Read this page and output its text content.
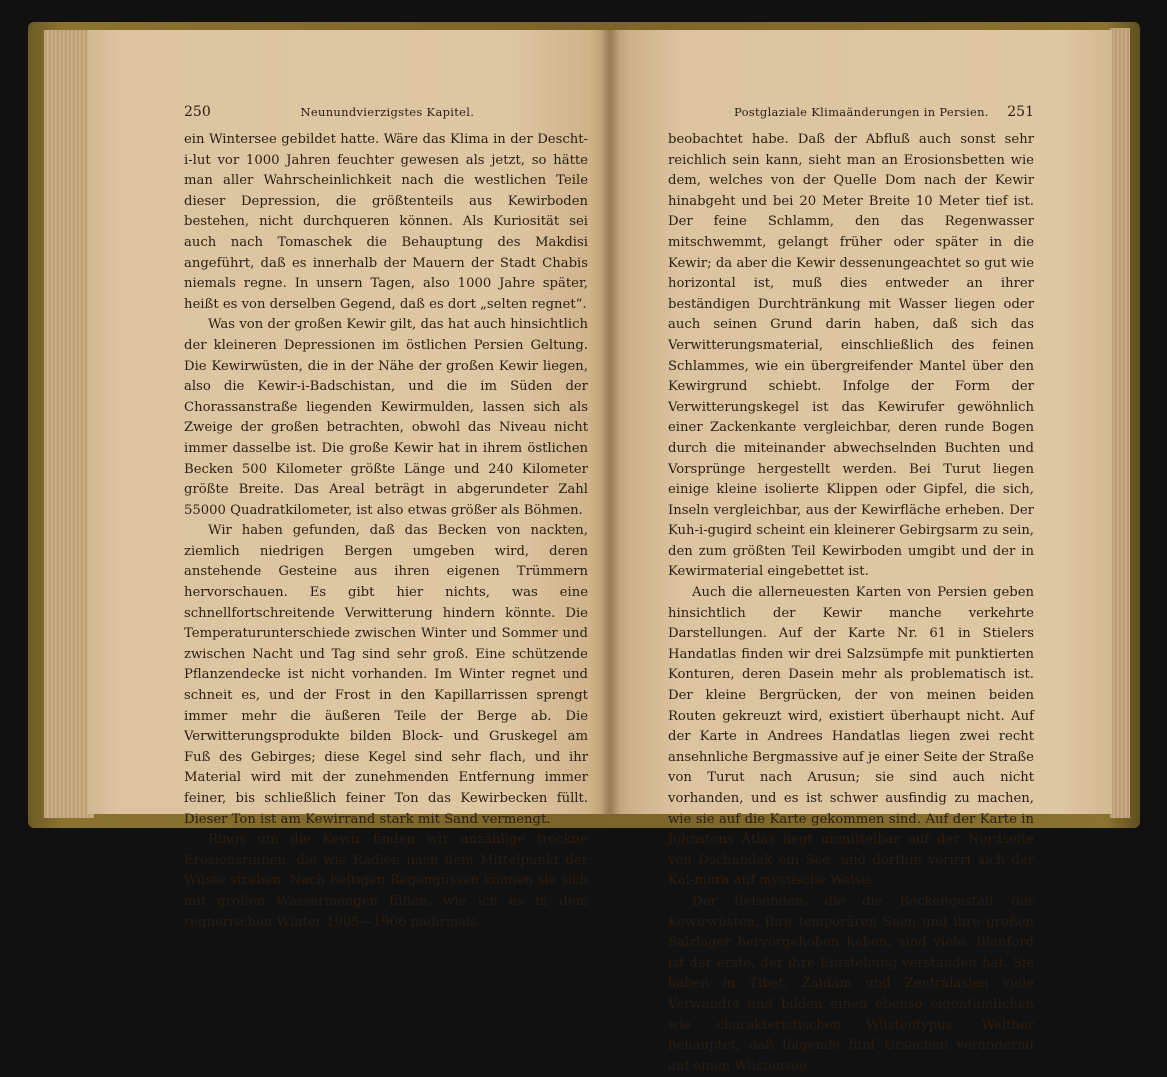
250	Neunundvierzigstes Kapitel.

ein Wintersee gebildet hatte. Wäre das Klima in der Descht-i-lut vor 1000 Jahren feuchter gewesen als jetzt, so hätte man aller Wahrscheinlichkeit nach die westlichen Teile dieser Depression, die größtenteils aus Kewirboden bestehen, nicht durchqueren können. Als Kuriosität sei auch nach Tomaschek die Behauptung des Makdisi angeführt, daß es innerhalb der Mauern der Stadt Chabis niemals regne. In unsern Tagen, also 1000 Jahre später, heißt es von derselben Gegend, daß es dort „selten regnet“.

Was von der großen Kewir gilt, das hat auch hinsichtlich der kleineren Depressionen im östlichen Persien Geltung. Die Kewirwüsten, die in der Nähe der großen Kewir liegen, also die Kewir-i-Badschistan, und die im Süden der Chorassanstraße liegenden Kewirmulden, lassen sich als Zweige der großen betrachten, obwohl das Niveau nicht immer dasselbe ist. Die große Kewir hat in ihrem östlichen Becken 500 Kilometer größte Länge und 240 Kilometer größte Breite. Das Areal beträgt in abgerundeter Zahl 55000 Quadratkilometer, ist also etwas größer als Böhmen.

Wir haben gefunden, daß das Becken von nackten, ziemlich niedrigen Bergen umgeben wird, deren anstehende Gesteine aus ihren eigenen Trümmern hervorschauen. Es gibt hier nichts, was eine schnellfortschreitende Verwitterung hindern könnte. Die Temperaturunterschiede zwischen Winter und Sommer und zwischen Nacht und Tag sind sehr groß. Eine schützende Pflanzendecke ist nicht vorhanden. Im Winter regnet und schneit es, und der Frost in den Kapillarrissen sprengt immer mehr die äußeren Teile der Berge ab. Die Verwitterungsprodukte bilden Block- und Gruskegel am Fuß des Gebirges; diese Kegel sind sehr flach, und ihr Material wird mit der zunehmenden Entfernung immer feiner, bis schließlich feiner Ton das Kewirbecken füllt. Dieser Ton ist am Kewirrand stark mit Sand vermengt.

Rings um die Kewir finden wir unzählige trockne Erosionsrinnen, die wie Radien nach dem Mittelpunkt der Wüste streben. Nach heftigen Regengüssen können sie sich mit großen Wassermengen füllen, wie ich es in dem regnerischen Winter 1905—1906 mehrmals

Postglaziale Klimaänderungen in Persien. 251

beobachtet habe. Daß der Abfluß auch sonst sehr reichlich sein kann, sieht man an Erosionsbetten wie dem, welches von der Quelle Dom nach der Kewir hinabgeht und bei 20 Meter Breite 10 Meter tief ist. Der feine Schlamm, den das Regenwasser mitschwemmt, gelangt früher oder später in die Kewir; da aber die Kewir dessenungeachtet so gut wie horizontal ist, muß dies entweder an ihrer beständigen Durchtränkung mit Wasser liegen oder auch seinen Grund darin haben, daß sich das Verwitterungsmaterial, einschließlich des feinen Schlammes, wie ein übergreifender Mantel über den Kewirgrund schiebt. Infolge der Form der Verwitterungskegel ist das Kewirufer gewöhnlich einer Zackenkante vergleichbar, deren runde Bogen durch die miteinander abwechselnden Buchten und Vorsprünge hergestellt werden. Bei Turut liegen einige kleine isolierte Klippen oder Gipfel, die sich, Inseln vergleichbar, aus der Kewirfläche erheben. Der Kuh-i-gugird scheint ein kleinerer Gebirgsarm zu sein, den zum größten Teil Kewirboden umgibt und der in Kewirmaterial eingebettet ist.

Auch die allerneuesten Karten von Persien geben hinsichtlich der Kewir manche verkehrte Darstellungen. Auf der Karte Nr. 61 in Stielers Handatlas finden wir drei Salzsümpfe mit punktierten Konturen, deren Dasein mehr als problematisch ist. Der kleine Bergrücken, der von meinen beiden Routen gekreuzt wird, existiert überhaupt nicht. Auf der Karte in Andrees Handatlas liegen zwei recht ansehnliche Bergmassive auf je einer Seite der Straße von Turut nach Arusun; sie sind auch nicht vorhanden, und es ist schwer ausfindig zu machen, wie sie auf die Karte gekommen sind. Auf der Karte in Johnstons Atlas liegt unmittelbar auf der Nordseite von Dschandak ein See, und dorthin verirrt sich der Kal-mura auf mystische Weise.

Der Reisenden, die die Beckengestalt der Kewirwüsten, ihre temporären Seen und ihre großen Salzlager hervorgehoben haben, sind viele. Blanford ist der erste, der ihre Entstehung verstanden hat. Sie haben in Tibet, Zaidam und Zentralasien viele Verwandte und bilden einen ebenso eigentümlichen wie charakteristischen Wüstentypus. Walther behauptet, daß folgende fünf Ursachen verändernd auf einen Wüstensee
